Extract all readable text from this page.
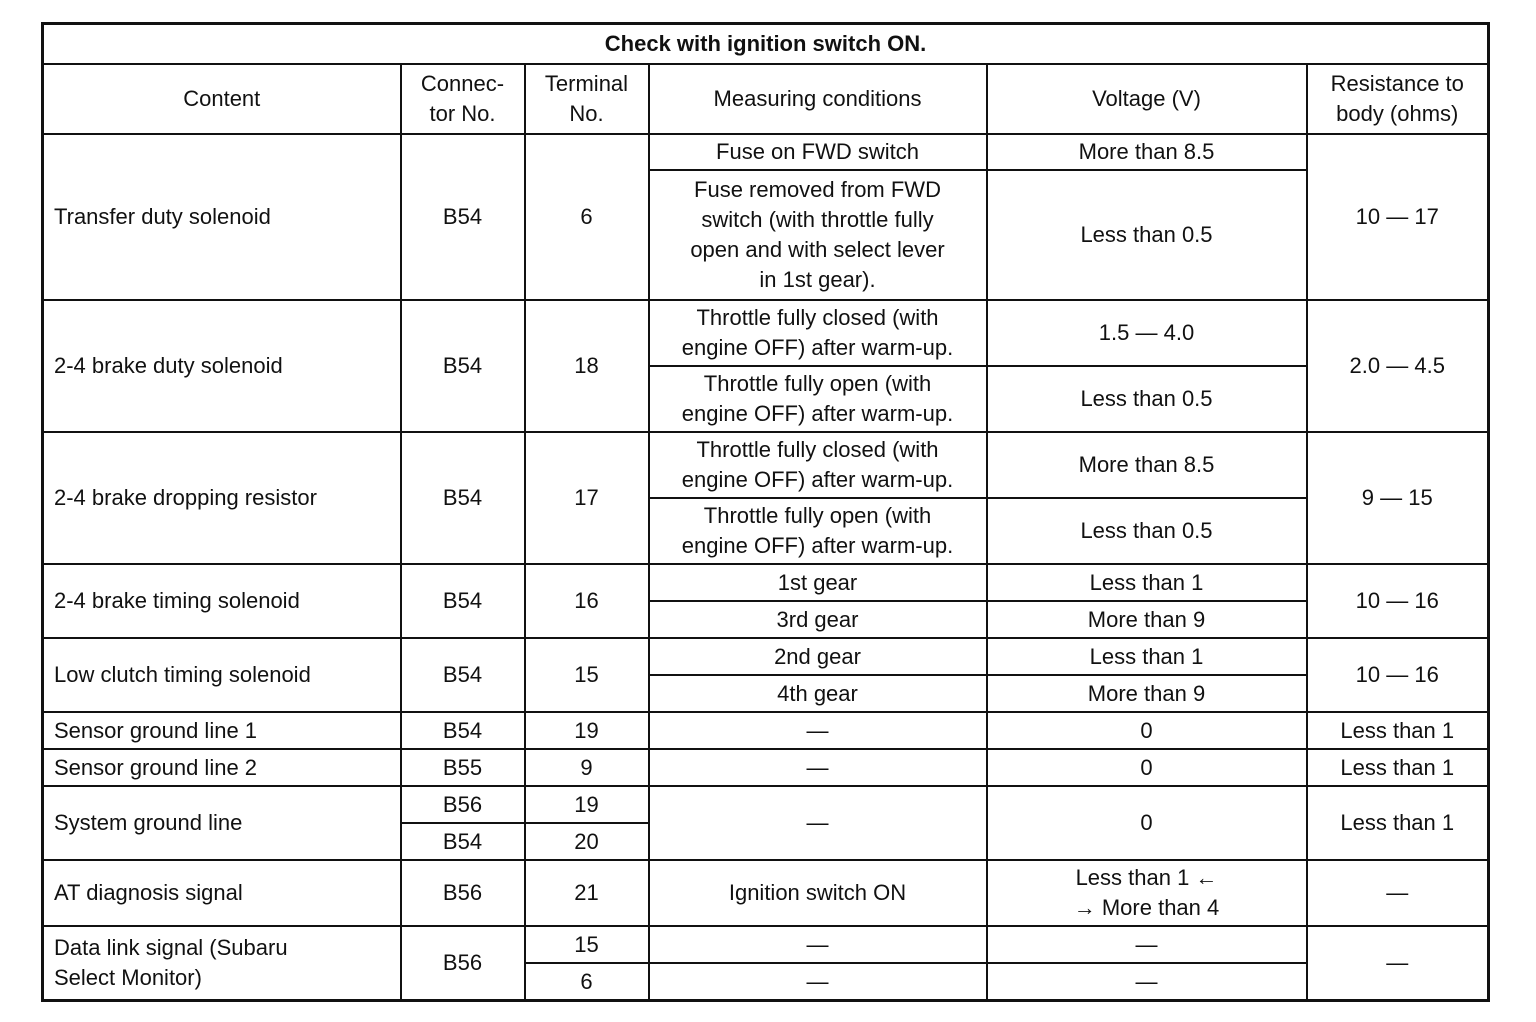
Check with ignition switch ON.					
Content	Connec-
tor No.	Terminal
No.	Measuring conditions	Voltage (V)	Resistance to
body (ohms)
Transfer duty solenoid	B54	6	Fuse on FWD switch	More than 8.5	10 — 17
			Fuse removed from FWD
switch (with throttle fully
open and with select lever
in 1st gear).	Less than 0.5	
2-4 brake duty solenoid	B54	18	Throttle fully closed (with
engine OFF) after warm-up.	1.5 — 4.0	2.0 — 4.5
			Throttle fully open (with
engine OFF) after warm-up.	Less than 0.5	
2-4 brake dropping resistor	B54	17	Throttle fully closed (with
engine OFF) after warm-up.	More than 8.5	9 — 15
			Throttle fully open (with
engine OFF) after warm-up.	Less than 0.5	
2-4 brake timing solenoid	B54	16	1st gear	Less than 1	10 — 16
			3rd gear	More than 9	
Low clutch timing solenoid	B54	15	2nd gear	Less than 1	10 — 16
			4th gear	More than 9	
Sensor ground line 1	B54	19	—	0	Less than 1
Sensor ground line 2	B55	9	—	0	Less than 1
System ground line	B56	19	—	0	Less than 1
	B54	20			
AT diagnosis signal	B56	21	Ignition switch ON	Less than 1 ←
→ More than 4	—
Data link signal (Subaru
Select Monitor)	B56	15	—	—	—
		6	—	—	
